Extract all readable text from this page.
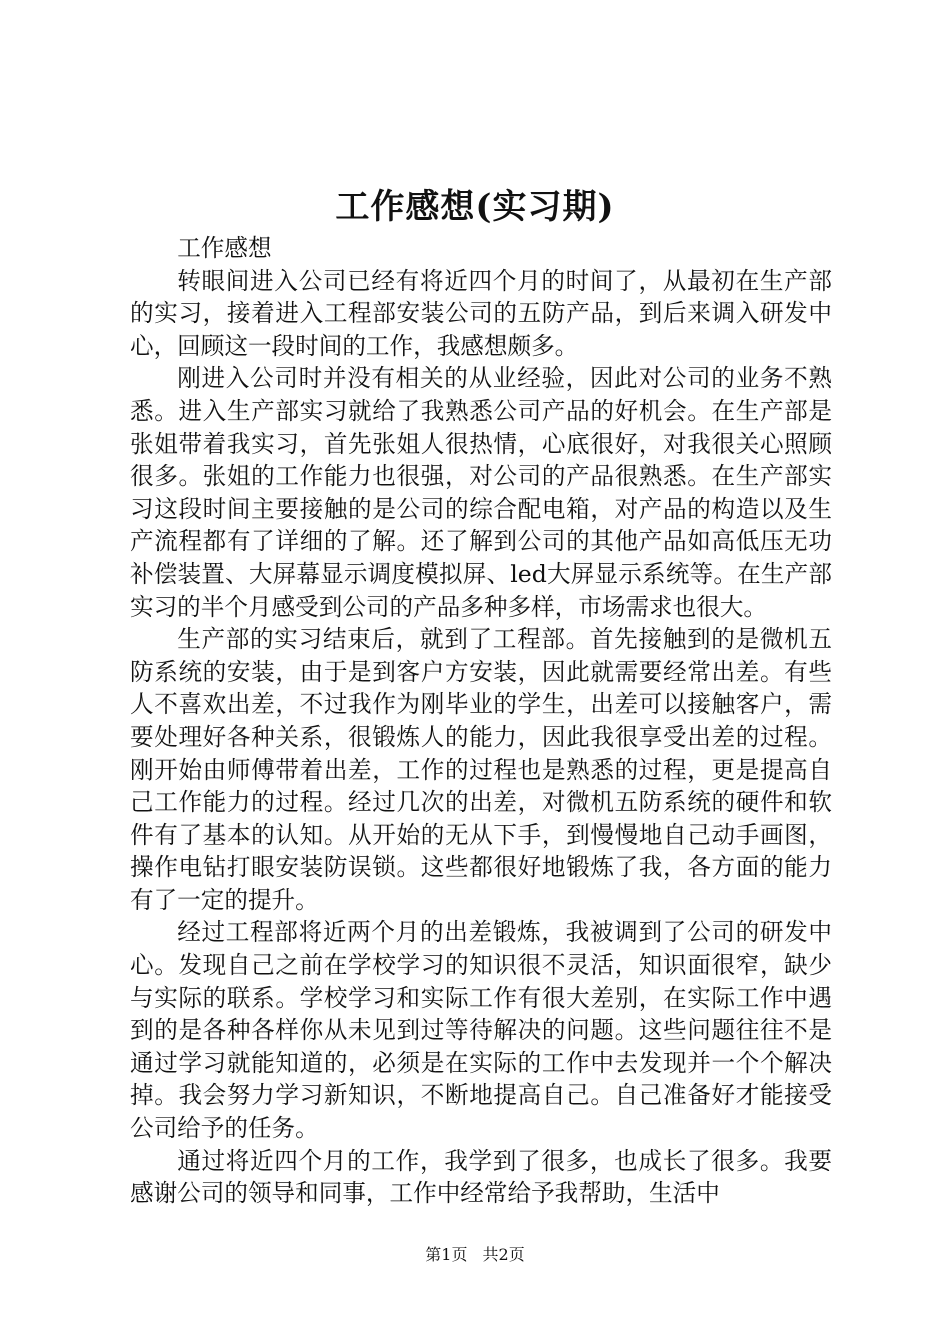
工作感想(实习期)

工作感想

转眼间进入公司已经有将近四个月的时间了，从最初在生产部的实习，接着进入工程部安装公司的五防产品，到后来调入研发中心，回顾这一段时间的工作，我感想颇多。

刚进入公司时并没有相关的从业经验，因此对公司的业务不熟悉。进入生产部实习就给了我熟悉公司产品的好机会。在生产部是张姐带着我实习，首先张姐人很热情，心底很好，对我很关心照顾很多。张姐的工作能力也很强，对公司的产品很熟悉。在生产部实习这段时间主要接触的是公司的综合配电箱，对产品的构造以及生产流程都有了详细的了解。还了解到公司的其他产品如高低压无功补偿装置、大屏幕显示调度模拟屏、led大屏显示系统等。在生产部实习的半个月感受到公司的产品多种多样，市场需求也很大。

生产部的实习结束后，就到了工程部。首先接触到的是微机五防系统的安装，由于是到客户方安装，因此就需要经常出差。有些人不喜欢出差，不过我作为刚毕业的学生，出差可以接触客户，需要处理好各种关系，很锻炼人的能力，因此我很享受出差的过程。刚开始由师傅带着出差，工作的过程也是熟悉的过程，更是提高自己工作能力的过程。经过几次的出差，对微机五防系统的硬件和软件有了基本的认知。从开始的无从下手，到慢慢地自己动手画图，操作电钻打眼安装防误锁。这些都很好地锻炼了我，各方面的能力有了一定的提升。

经过工程部将近两个月的出差锻炼，我被调到了公司的研发中心。发现自己之前在学校学习的知识很不灵活，知识面很窄，缺少与实际的联系。学校学习和实际工作有很大差别，在实际工作中遇到的是各种各样你从未见到过等待解决的问题。这些问题往往不是通过学习就能知道的，必须是在实际的工作中去发现并一个个解决掉。我会努力学习新知识，不断地提高自己。自己准备好才能接受公司给予的任务。

通过将近四个月的工作，我学到了很多，也成长了很多。我要感谢公司的领导和同事，工作中经常给予我帮助，生活中

第1页 共2页
